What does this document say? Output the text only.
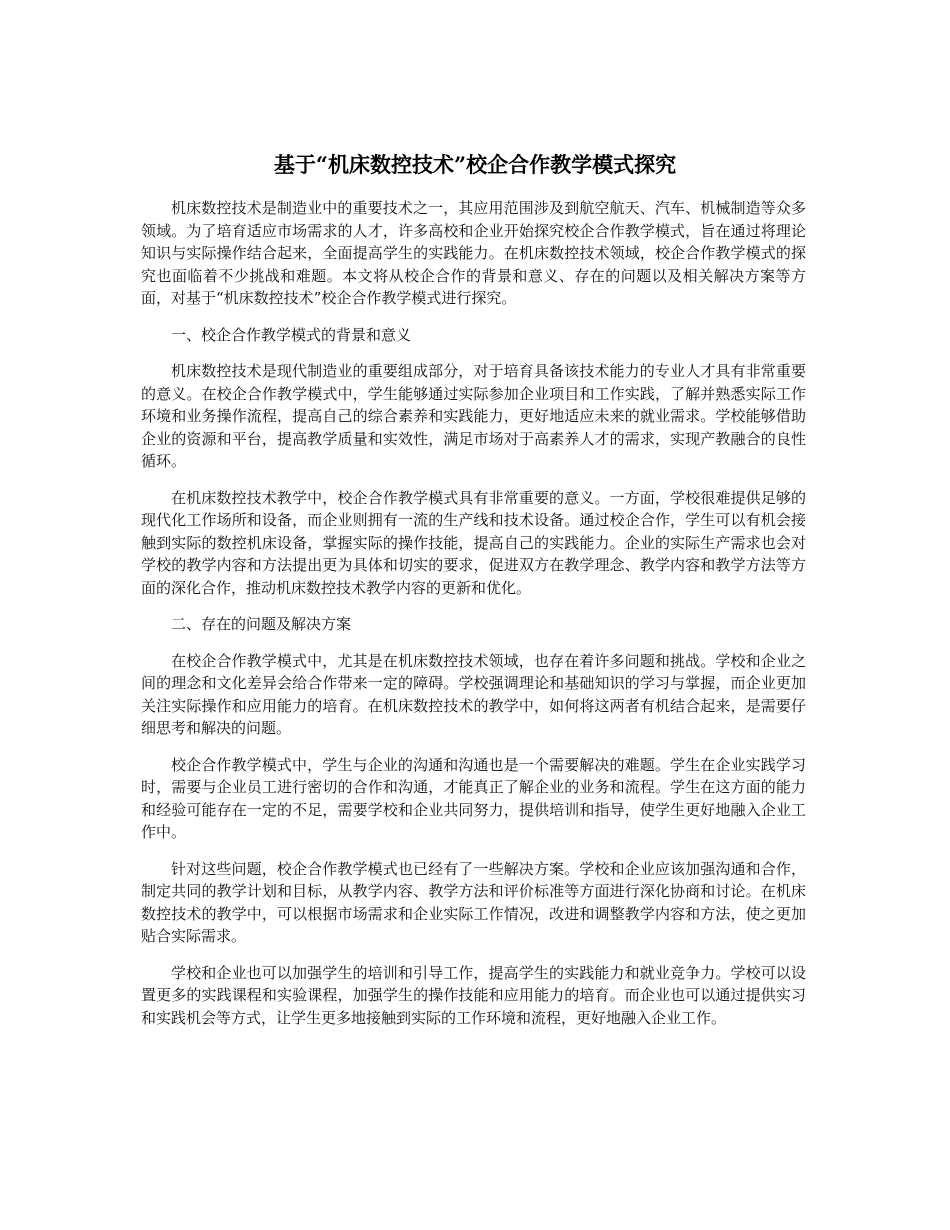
基于“机床数控技术”校企合作教学模式探究

机床数控技术是制造业中的重要技术之一，其应用范围涉及到航空航天、汽车、机械制造等众多领域。为了培育适应市场需求的人才，许多高校和企业开始探究校企合作教学模式，旨在通过将理论知识与实际操作结合起来，全面提高学生的实践能力。在机床数控技术领域，校企合作教学模式的探究也面临着不少挑战和难题。本文将从校企合作的背景和意义、存在的问题以及相关解决方案等方面，对基于“机床数控技术”校企合作教学模式进行探究。

一、校企合作教学模式的背景和意义

机床数控技术是现代制造业的重要组成部分，对于培育具备该技术能力的专业人才具有非常重要的意义。在校企合作教学模式中，学生能够通过实际参加企业项目和工作实践，了解并熟悉实际工作环境和业务操作流程，提高自己的综合素养和实践能力，更好地适应未来的就业需求。学校能够借助企业的资源和平台，提高教学质量和实效性，满足市场对于高素养人才的需求，实现产教融合的良性循环。

在机床数控技术教学中，校企合作教学模式具有非常重要的意义。一方面，学校很难提供足够的现代化工作场所和设备，而企业则拥有一流的生产线和技术设备。通过校企合作，学生可以有机会接触到实际的数控机床设备，掌握实际的操作技能，提高自己的实践能力。企业的实际生产需求也会对学校的教学内容和方法提出更为具体和切实的要求，促进双方在教学理念、教学内容和教学方法等方面的深化合作，推动机床数控技术教学内容的更新和优化。

二、存在的问题及解决方案

在校企合作教学模式中，尤其是在机床数控技术领域，也存在着许多问题和挑战。学校和企业之间的理念和文化差异会给合作带来一定的障碍。学校强调理论和基础知识的学习与掌握，而企业更加关注实际操作和应用能力的培育。在机床数控技术的教学中，如何将这两者有机结合起来，是需要仔细思考和解决的问题。

校企合作教学模式中，学生与企业的沟通和沟通也是一个需要解决的难题。学生在企业实践学习时，需要与企业员工进行密切的合作和沟通，才能真正了解企业的业务和流程。学生在这方面的能力和经验可能存在一定的不足，需要学校和企业共同努力，提供培训和指导，使学生更好地融入企业工作中。

针对这些问题，校企合作教学模式也已经有了一些解决方案。学校和企业应该加强沟通和合作，制定共同的教学计划和目标，从教学内容、教学方法和评价标准等方面进行深化协商和讨论。在机床数控技术的教学中，可以根据市场需求和企业实际工作情况，改进和调整教学内容和方法，使之更加贴合实际需求。

学校和企业也可以加强学生的培训和引导工作，提高学生的实践能力和就业竞争力。学校可以设置更多的实践课程和实验课程，加强学生的操作技能和应用能力的培育。而企业也可以通过提供实习和实践机会等方式，让学生更多地接触到实际的工作环境和流程，更好地融入企业工作。
